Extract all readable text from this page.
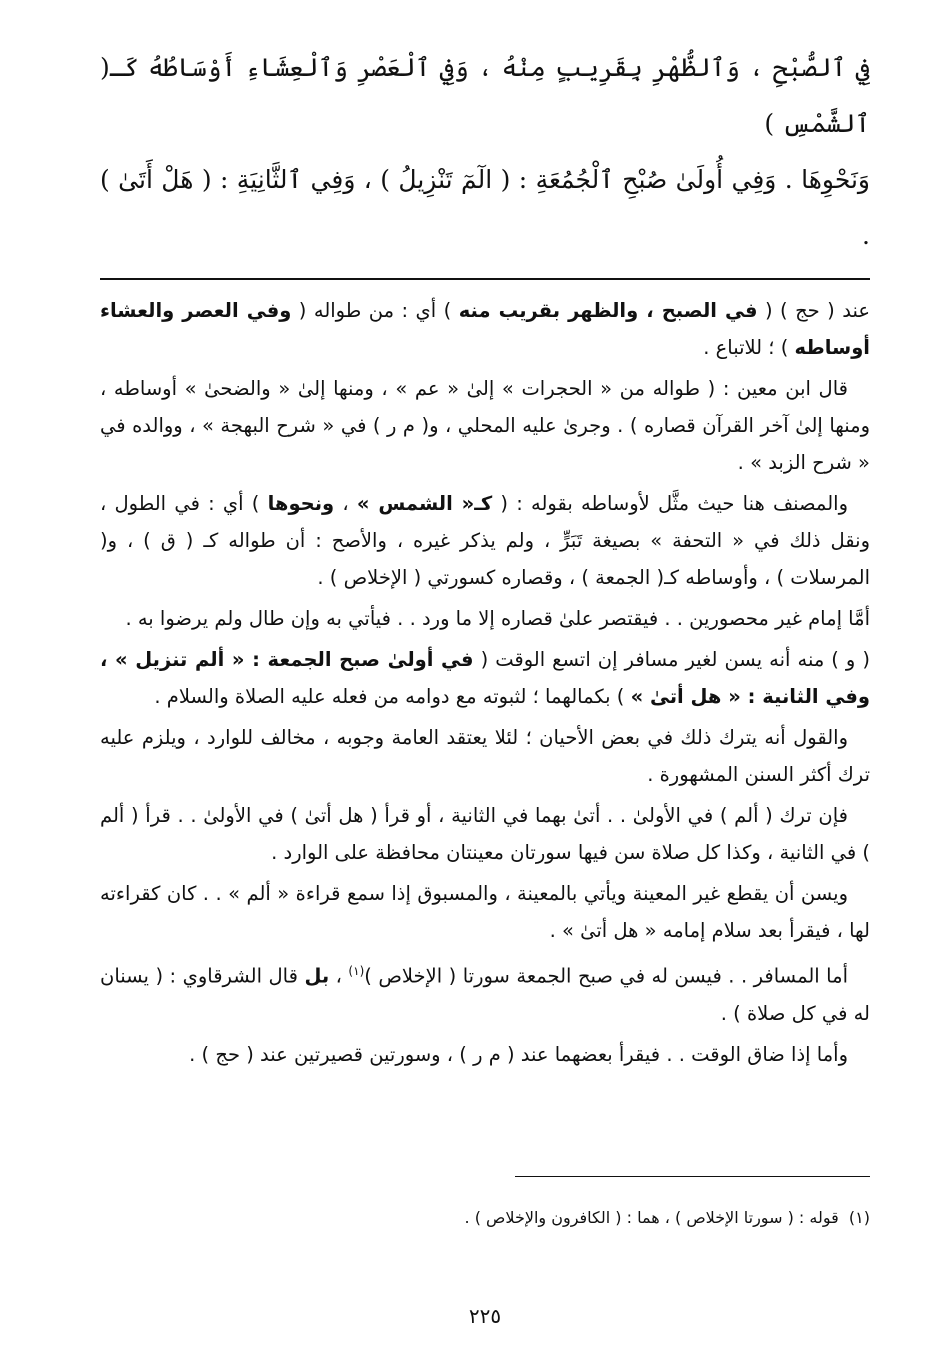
فِي ٱلصُّبْحِ ، وَٱلظُّهْرِ بِقَرِيبٍ مِنْهُ ، وَفِي ٱلْعَصْرِ وَٱلْعِشَاءِ أَوْسَاطُهُ كَـ( ٱلشَّمْسِ )
وَنَحْوِهَا . وَفِي أُولَىٰ صُبْحِ ٱلْجُمُعَةِ : ( الٓمٓ تَنْزِيلُ ) ، وَفِي ٱلثَّانِيَةِ : ( هَلْ أَتَىٰ ) .

عند ( حج ) ( في الصبح ، والظهر بقريب منه ) أي : من طواله ( وفي العصر والعشاء أوساطه ) ؛ للاتباع .

قال ابن معين : ( طواله من « الحجرات » إلىٰ « عم » ، ومنها إلىٰ « والضحىٰ » أوساطه ، ومنها إلىٰ آخر القرآن قصاره ) . وجرىٰ عليه المحلي ، و( م ر ) في « شرح البهجة » ، ووالده في « شرح الزبد » .

والمصنف هنا حيث مثَّل لأوساطه بقوله : ( كـ« الشمس » ، ونحوها ) أي : في الطول ، ونقل ذلك في « التحفة » بصيغة تَبَرٍّ ، ولم يذكر غيره ، والأصح : أن طواله كـ ( ق ) ، و( المرسلات ) ، وأوساطه كـ( الجمعة ) ، وقصاره كسورتي ( الإخلاص ) .

أمَّا إمام غير محصورين . . فيقتصر علىٰ قصاره إلا ما ورد . . فيأتي به وإن طال ولم يرضوا به .

( و ) منه أنه يسن لغير مسافر إن اتسع الوقت ( في أولىٰ صبح الجمعة : « ألم تنزيل » ، وفي الثانية : « هل أتىٰ » ) بكمالهما ؛ لثبوته مع دوامه من فعله عليه الصلاة والسلام .

والقول أنه يترك ذلك في بعض الأحيان ؛ لئلا يعتقد العامة وجوبه ، مخالف للوارد ، ويلزم عليه ترك أكثر السنن المشهورة .

فإن ترك ( ألم ) في الأولىٰ . . أتىٰ بهما في الثانية ، أو قرأ ( هل أتىٰ ) في الأولىٰ . . قرأ ( ألم ) في الثانية ، وكذا كل صلاة سن فيها سورتان معينتان محافظة على الوارد .

ويسن أن يقطع غير المعينة ويأتي بالمعينة ، والمسبوق إذا سمع قراءة « ألم » . . كان كقراءته لها ، فيقرأ بعد سلام إمامه « هل أتىٰ » .

أما المسافر . . فيسن له في صبح الجمعة سورتا ( الإخلاص )$^{(١)}$ ، بل قال الشرقاوي : ( يسنان له في كل صلاة ) .

وأما إذا ضاق الوقت . . فيقرأ بعضهما عند ( م ر ) ، وسورتين قصيرتين عند ( حج ) .

(١)  قوله : ( سورتا الإخلاص ) ، هما : ( الكافرون والإخلاص ) .
٢٢٥
